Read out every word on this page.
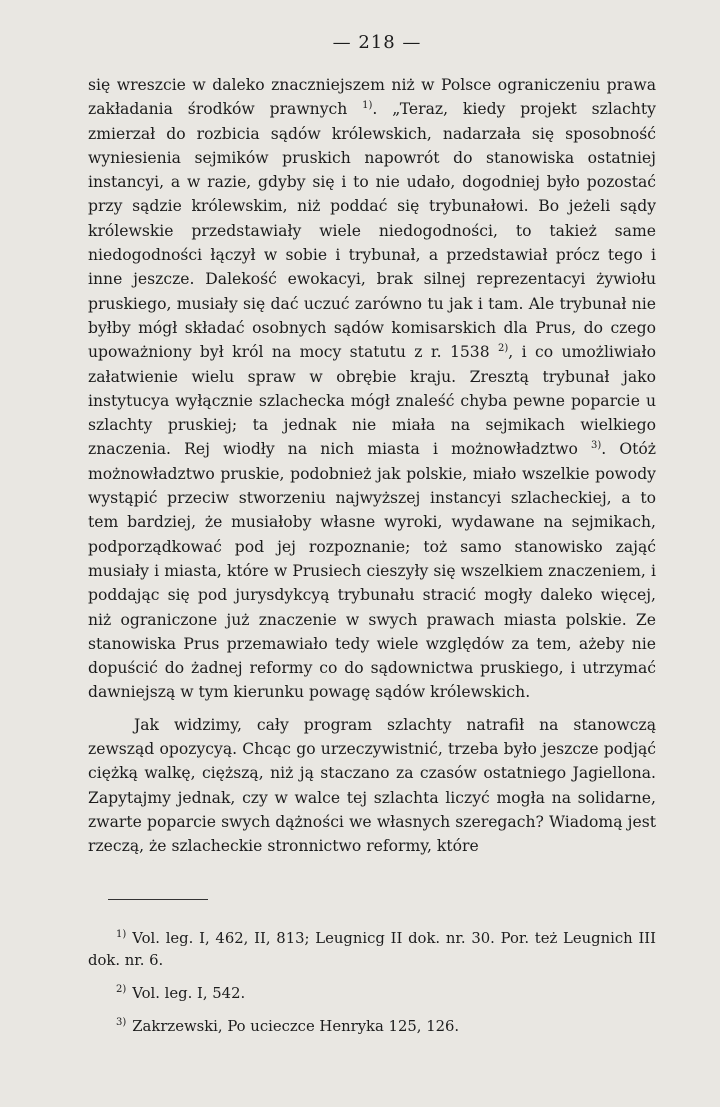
— 218 —

się wreszcie w daleko znaczniejszem niż w Polsce ograniczeniu prawa zakładania środków prawnych $^{1)}$. „Teraz, kiedy projekt szlachty zmierzał do rozbicia sądów królewskich, nadarzała się sposobność wyniesienia sejmików pruskich napowrót do stanowiska ostatniej instancyi, a w razie, gdyby się i to nie udało, dogodniej było pozostać przy sądzie królewskim, niż poddać się trybunałowi. Bo jeżeli sądy królewskie przedstawiały wiele niedogodności, to takież same niedogodności łączył w sobie i trybunał, a przedstawiał prócz tego i inne jeszcze. Dalekość ewokacyi, brak silnej reprezentacyi żywiołu pruskiego, musiały się dać uczuć zarówno tu jak i tam. Ale trybunał nie byłby mógł składać osobnych sądów komisarskich dla Prus, do czego upoważniony był król na mocy statutu z r. 1538 $^{2)}$, i co umożliwiało załatwienie wielu spraw w obrębie kraju. Zresztą trybunał jako instytucya wyłącznie szlachecka mógł znaleść chyba pewne poparcie u szlachty pruskiej; ta jednak nie miała na sejmikach wielkiego znaczenia. Rej wiodły na nich miasta i możnowładztwo $^{3)}$. Otóż możnowładztwo pruskie, podobnież jak polskie, miało wszelkie powody wystąpić przeciw stworzeniu najwyższej instancyi szlacheckiej, a to tem bardziej, że musiałoby własne wyroki, wydawane na sejmikach, podporządkować pod jej rozpoznanie; toż samo stanowisko zająć musiały i miasta, które w Prusiech cieszyły się wszelkiem znaczeniem, i poddając się pod jurysdykcyą trybunału stracić mogły daleko więcej, niż ograniczone już znaczenie w swych prawach miasta polskie. Ze stanowiska Prus przemawiało tedy wiele względów za tem, ażeby nie dopuścić do żadnej reformy co do sądownictwa pruskiego, i utrzymać dawniejszą w tym kierunku powagę sądów królewskich.

Jak widzimy, cały program szlachty natrafił na stanowczą zewsząd opozycyą. Chcąc go urzeczywistnić, trzeba było jeszcze podjąć ciężką walkę, cięższą, niż ją staczano za czasów ostatniego Jagiellona. Zapytajmy jednak, czy w walce tej szlachta liczyć mogła na solidarne, zwarte poparcie swych dążności we własnych szeregach? Wiadomą jest rzeczą, że szlacheckie stronnictwo reformy, które

$^{1)}$ Vol. leg. I, 462, II, 813; Leugnicg II dok. nr. 30. Por. też Leugnich III dok. nr. 6.

$^{2)}$ Vol. leg. I, 542.

$^{3)}$ Zakrzewski, Po ucieczce Henryka 125, 126.
